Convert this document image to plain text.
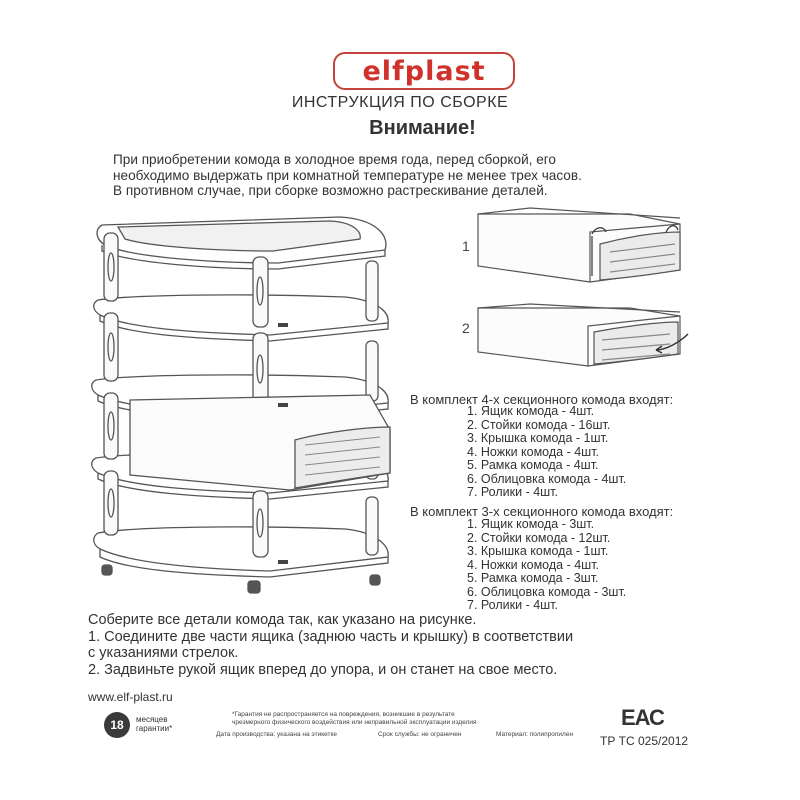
elfplast
ИНСТРУКЦИЯ ПО СБОРКЕ
Внимание!
При приобретении комода в холодное время года, перед сборкой, его
необходимо выдержать при комнатной температуре не менее трех часов.
В противном случае, при сборке возможно растрескивание деталей.
1
2
В комплект 4-х секционного комода входят:
1. Ящик комода - 4шт.
2. Стойки комода - 16шт.
3. Крышка комода - 1шт.
4. Ножки комода - 4шт.
5. Рамка комода - 4шт.
6. Облицовка комода - 4шт.
7. Ролики - 4шт.
В комплект 3-х секционного комода входят:
1. Ящик комода - 3шт.
2. Стойки комода - 12шт.
3. Крышка комода - 1шт.
4. Ножки комода - 4шт.
5. Рамка комода - 3шт.
6. Облицовка комода - 3шт.
7. Ролики - 4шт.
Соберите все детали комода так, как указано на рисунке.
1. Соедините две части ящика (заднюю часть и крышку) в соответствии
с указаниями стрелок.
2. Задвиньте рукой ящик вперед до упора, и он станет на свое место.
www.elf-plast.ru
18	месяцев
гарантии*
*Гарантия не распространяется на повреждения, возникшие в результате
чрезмерного физического воздействия или неправильной эксплуатации изделия
Дата производства: указана на этикетке	Срок службы: не ограничен	Материал: полипропилен
ЕАС
ТР ТС 025/2012
